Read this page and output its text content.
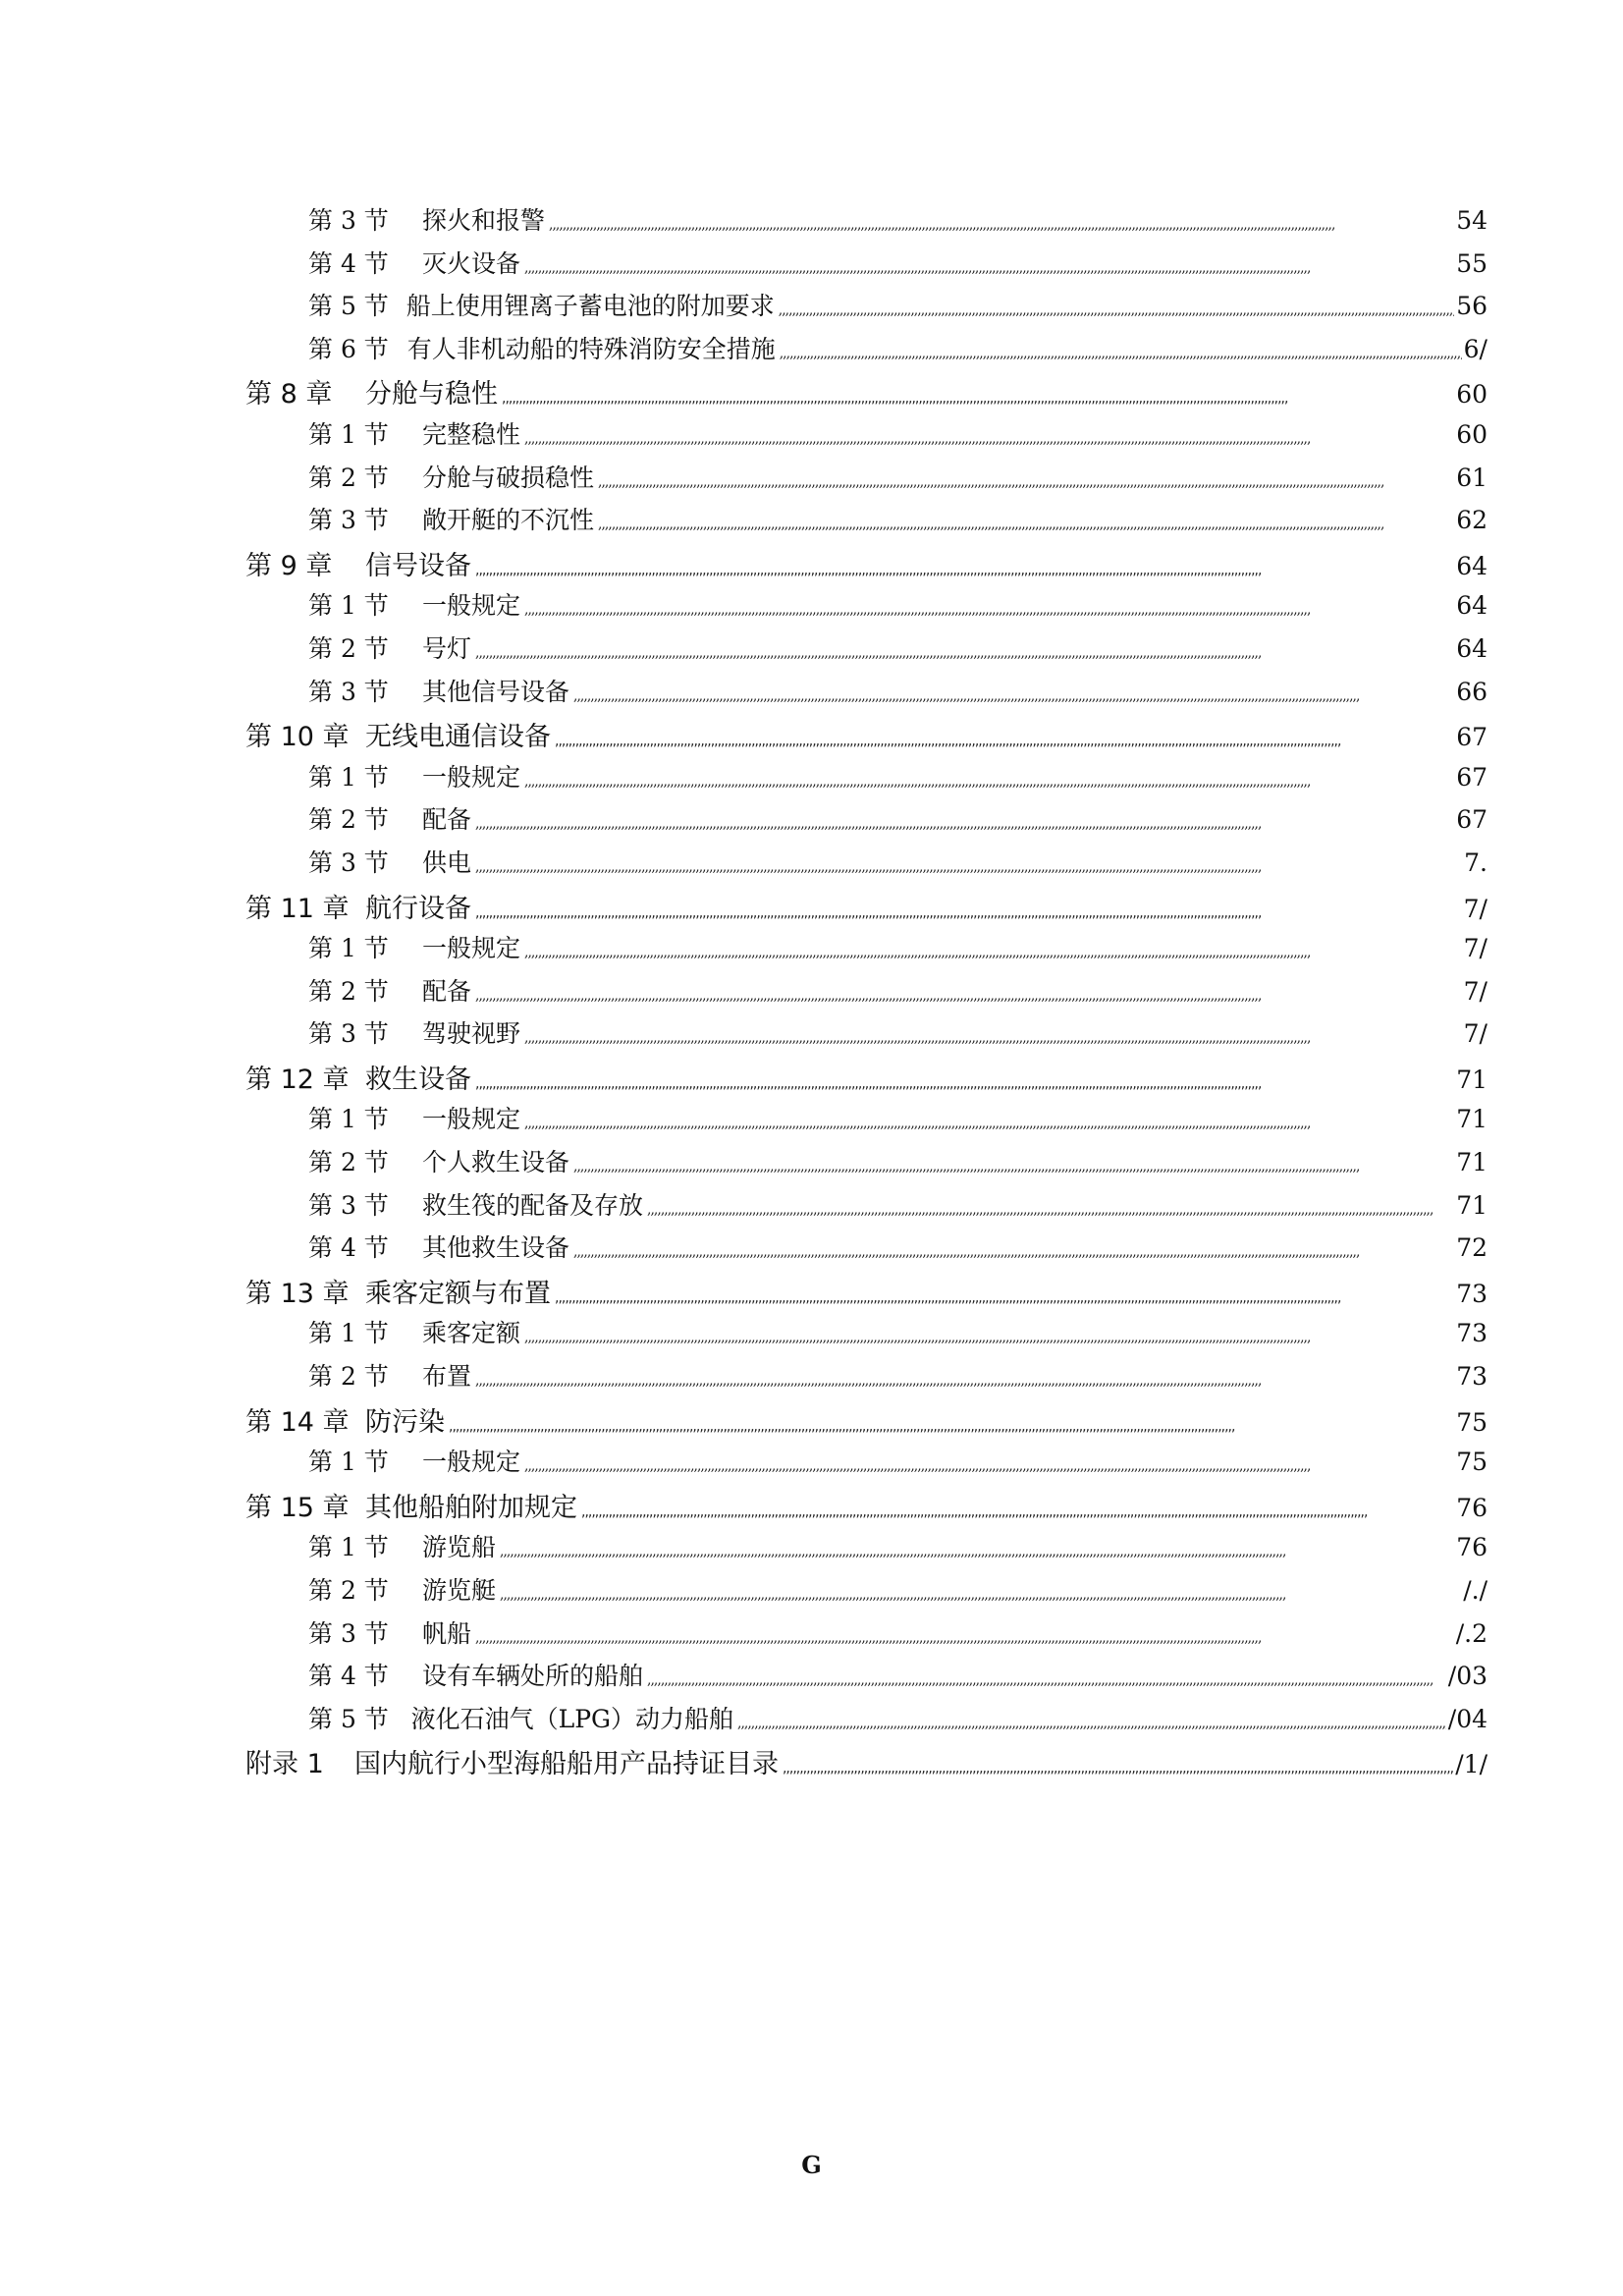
第 3 节	探火和报警 ,,,,,,,,,,,,,,,,,,,,,,,,,,,,,,,,,,,,,,,,,,,,,,,,,,,,,,,,,,,,,,,,,,,,,,,,,,,,,,,,,,,,,,,,,,,,,,,,,,,,,,,,,,,,,,,,,,,,,,,,,,,,,,,,,,,,,,,,,,,,,,,,,,,,,,,,,,,,,,,,,,,,,,,,,,,,,,,,,,,,,,,,,,,,,,,,,,,,,,,,,,,,,,,,,,,,,,,,,,,,,,,,,,,,,,,,	54
第 4 节	灭火设备 ,,,,,,,,,,,,,,,,,,,,,,,,,,,,,,,,,,,,,,,,,,,,,,,,,,,,,,,,,,,,,,,,,,,,,,,,,,,,,,,,,,,,,,,,,,,,,,,,,,,,,,,,,,,,,,,,,,,,,,,,,,,,,,,,,,,,,,,,,,,,,,,,,,,,,,,,,,,,,,,,,,,,,,,,,,,,,,,,,,,,,,,,,,,,,,,,,,,,,,,,,,,,,,,,,,,,,,,,,,,,,,,,,,,,,,,,	55
第 5 节 船上使用锂离子蓄电池的附加要求 ,,,,,,,,,,,,,,,,,,,,,,,,,,,,,,,,,,,,,,,,,,,,,,,,,,,,,,,,,,,,,,,,,,,,,,,,,,,,,,,,,,,,,,,,,,,,,,,,,,,,,,,,,,,,,,,,,,,,,,,,,,,,,,,,,,,,,,,,,,,,,,,,,,,,,,,,,,,,,,,,,,,,,,,,,,,,,,,,,,,,,,,,,,,,,,,,,,,,,,,,,,,,,,,,,,,,,,,,,,,,,,,,,,,,,,,,	56
第 6 节 有人非机动船的特殊消防安全措施 ,,,,,,,,,,,,,,,,,,,,,,,,,,,,,,,,,,,,,,,,,,,,,,,,,,,,,,,,,,,,,,,,,,,,,,,,,,,,,,,,,,,,,,,,,,,,,,,,,,,,,,,,,,,,,,,,,,,,,,,,,,,,,,,,,,,,,,,,,,,,,,,,,,,,,,,,,,,,,,,,,,,,,,,,,,,,,,,,,,,,,,,,,,,,,,,,,,,,,,,,,,,,,,,,,,,,,,,,,,,,,,,,,,,,,,,,	6/
第 8 章	分舱与稳性 ,,,,,,,,,,,,,,,,,,,,,,,,,,,,,,,,,,,,,,,,,,,,,,,,,,,,,,,,,,,,,,,,,,,,,,,,,,,,,,,,,,,,,,,,,,,,,,,,,,,,,,,,,,,,,,,,,,,,,,,,,,,,,,,,,,,,,,,,,,,,,,,,,,,,,,,,,,,,,,,,,,,,,,,,,,,,,,,,,,,,,,,,,,,,,,,,,,,,,,,,,,,,,,,,,,,,,,,,,,,,,,,,,,,,,,,,	60
第 1 节	完整稳性 ,,,,,,,,,,,,,,,,,,,,,,,,,,,,,,,,,,,,,,,,,,,,,,,,,,,,,,,,,,,,,,,,,,,,,,,,,,,,,,,,,,,,,,,,,,,,,,,,,,,,,,,,,,,,,,,,,,,,,,,,,,,,,,,,,,,,,,,,,,,,,,,,,,,,,,,,,,,,,,,,,,,,,,,,,,,,,,,,,,,,,,,,,,,,,,,,,,,,,,,,,,,,,,,,,,,,,,,,,,,,,,,,,,,,,,,,	60
第 2 节	分舱与破损稳性 ,,,,,,,,,,,,,,,,,,,,,,,,,,,,,,,,,,,,,,,,,,,,,,,,,,,,,,,,,,,,,,,,,,,,,,,,,,,,,,,,,,,,,,,,,,,,,,,,,,,,,,,,,,,,,,,,,,,,,,,,,,,,,,,,,,,,,,,,,,,,,,,,,,,,,,,,,,,,,,,,,,,,,,,,,,,,,,,,,,,,,,,,,,,,,,,,,,,,,,,,,,,,,,,,,,,,,,,,,,,,,,,,,,,,,,,,	61
第 3 节	敞开艇的不沉性 ,,,,,,,,,,,,,,,,,,,,,,,,,,,,,,,,,,,,,,,,,,,,,,,,,,,,,,,,,,,,,,,,,,,,,,,,,,,,,,,,,,,,,,,,,,,,,,,,,,,,,,,,,,,,,,,,,,,,,,,,,,,,,,,,,,,,,,,,,,,,,,,,,,,,,,,,,,,,,,,,,,,,,,,,,,,,,,,,,,,,,,,,,,,,,,,,,,,,,,,,,,,,,,,,,,,,,,,,,,,,,,,,,,,,,,,,	62
第 9 章	信号设备 ,,,,,,,,,,,,,,,,,,,,,,,,,,,,,,,,,,,,,,,,,,,,,,,,,,,,,,,,,,,,,,,,,,,,,,,,,,,,,,,,,,,,,,,,,,,,,,,,,,,,,,,,,,,,,,,,,,,,,,,,,,,,,,,,,,,,,,,,,,,,,,,,,,,,,,,,,,,,,,,,,,,,,,,,,,,,,,,,,,,,,,,,,,,,,,,,,,,,,,,,,,,,,,,,,,,,,,,,,,,,,,,,,,,,,,,,	64
第 1 节	一般规定 ,,,,,,,,,,,,,,,,,,,,,,,,,,,,,,,,,,,,,,,,,,,,,,,,,,,,,,,,,,,,,,,,,,,,,,,,,,,,,,,,,,,,,,,,,,,,,,,,,,,,,,,,,,,,,,,,,,,,,,,,,,,,,,,,,,,,,,,,,,,,,,,,,,,,,,,,,,,,,,,,,,,,,,,,,,,,,,,,,,,,,,,,,,,,,,,,,,,,,,,,,,,,,,,,,,,,,,,,,,,,,,,,,,,,,,,,	64
第 2 节	号灯 ,,,,,,,,,,,,,,,,,,,,,,,,,,,,,,,,,,,,,,,,,,,,,,,,,,,,,,,,,,,,,,,,,,,,,,,,,,,,,,,,,,,,,,,,,,,,,,,,,,,,,,,,,,,,,,,,,,,,,,,,,,,,,,,,,,,,,,,,,,,,,,,,,,,,,,,,,,,,,,,,,,,,,,,,,,,,,,,,,,,,,,,,,,,,,,,,,,,,,,,,,,,,,,,,,,,,,,,,,,,,,,,,,,,,,,,,	64
第 3 节	其他信号设备 ,,,,,,,,,,,,,,,,,,,,,,,,,,,,,,,,,,,,,,,,,,,,,,,,,,,,,,,,,,,,,,,,,,,,,,,,,,,,,,,,,,,,,,,,,,,,,,,,,,,,,,,,,,,,,,,,,,,,,,,,,,,,,,,,,,,,,,,,,,,,,,,,,,,,,,,,,,,,,,,,,,,,,,,,,,,,,,,,,,,,,,,,,,,,,,,,,,,,,,,,,,,,,,,,,,,,,,,,,,,,,,,,,,,,,,,,	66
第 10 章 无线电通信设备 ,,,,,,,,,,,,,,,,,,,,,,,,,,,,,,,,,,,,,,,,,,,,,,,,,,,,,,,,,,,,,,,,,,,,,,,,,,,,,,,,,,,,,,,,,,,,,,,,,,,,,,,,,,,,,,,,,,,,,,,,,,,,,,,,,,,,,,,,,,,,,,,,,,,,,,,,,,,,,,,,,,,,,,,,,,,,,,,,,,,,,,,,,,,,,,,,,,,,,,,,,,,,,,,,,,,,,,,,,,,,,,,,,,,,,,,,	67
第 1 节	一般规定 ,,,,,,,,,,,,,,,,,,,,,,,,,,,,,,,,,,,,,,,,,,,,,,,,,,,,,,,,,,,,,,,,,,,,,,,,,,,,,,,,,,,,,,,,,,,,,,,,,,,,,,,,,,,,,,,,,,,,,,,,,,,,,,,,,,,,,,,,,,,,,,,,,,,,,,,,,,,,,,,,,,,,,,,,,,,,,,,,,,,,,,,,,,,,,,,,,,,,,,,,,,,,,,,,,,,,,,,,,,,,,,,,,,,,,,,,	67
第 2 节	配备 ,,,,,,,,,,,,,,,,,,,,,,,,,,,,,,,,,,,,,,,,,,,,,,,,,,,,,,,,,,,,,,,,,,,,,,,,,,,,,,,,,,,,,,,,,,,,,,,,,,,,,,,,,,,,,,,,,,,,,,,,,,,,,,,,,,,,,,,,,,,,,,,,,,,,,,,,,,,,,,,,,,,,,,,,,,,,,,,,,,,,,,,,,,,,,,,,,,,,,,,,,,,,,,,,,,,,,,,,,,,,,,,,,,,,,,,,	67
第 3 节	供电 ,,,,,,,,,,,,,,,,,,,,,,,,,,,,,,,,,,,,,,,,,,,,,,,,,,,,,,,,,,,,,,,,,,,,,,,,,,,,,,,,,,,,,,,,,,,,,,,,,,,,,,,,,,,,,,,,,,,,,,,,,,,,,,,,,,,,,,,,,,,,,,,,,,,,,,,,,,,,,,,,,,,,,,,,,,,,,,,,,,,,,,,,,,,,,,,,,,,,,,,,,,,,,,,,,,,,,,,,,,,,,,,,,,,,,,,,	7.
第 11 章 航行设备 ,,,,,,,,,,,,,,,,,,,,,,,,,,,,,,,,,,,,,,,,,,,,,,,,,,,,,,,,,,,,,,,,,,,,,,,,,,,,,,,,,,,,,,,,,,,,,,,,,,,,,,,,,,,,,,,,,,,,,,,,,,,,,,,,,,,,,,,,,,,,,,,,,,,,,,,,,,,,,,,,,,,,,,,,,,,,,,,,,,,,,,,,,,,,,,,,,,,,,,,,,,,,,,,,,,,,,,,,,,,,,,,,,,,,,,,,	7/
第 1 节	一般规定 ,,,,,,,,,,,,,,,,,,,,,,,,,,,,,,,,,,,,,,,,,,,,,,,,,,,,,,,,,,,,,,,,,,,,,,,,,,,,,,,,,,,,,,,,,,,,,,,,,,,,,,,,,,,,,,,,,,,,,,,,,,,,,,,,,,,,,,,,,,,,,,,,,,,,,,,,,,,,,,,,,,,,,,,,,,,,,,,,,,,,,,,,,,,,,,,,,,,,,,,,,,,,,,,,,,,,,,,,,,,,,,,,,,,,,,,,	7/
第 2 节	配备 ,,,,,,,,,,,,,,,,,,,,,,,,,,,,,,,,,,,,,,,,,,,,,,,,,,,,,,,,,,,,,,,,,,,,,,,,,,,,,,,,,,,,,,,,,,,,,,,,,,,,,,,,,,,,,,,,,,,,,,,,,,,,,,,,,,,,,,,,,,,,,,,,,,,,,,,,,,,,,,,,,,,,,,,,,,,,,,,,,,,,,,,,,,,,,,,,,,,,,,,,,,,,,,,,,,,,,,,,,,,,,,,,,,,,,,,,	7/
第 3 节	驾驶视野 ,,,,,,,,,,,,,,,,,,,,,,,,,,,,,,,,,,,,,,,,,,,,,,,,,,,,,,,,,,,,,,,,,,,,,,,,,,,,,,,,,,,,,,,,,,,,,,,,,,,,,,,,,,,,,,,,,,,,,,,,,,,,,,,,,,,,,,,,,,,,,,,,,,,,,,,,,,,,,,,,,,,,,,,,,,,,,,,,,,,,,,,,,,,,,,,,,,,,,,,,,,,,,,,,,,,,,,,,,,,,,,,,,,,,,,,,	7/
第 12 章 救生设备 ,,,,,,,,,,,,,,,,,,,,,,,,,,,,,,,,,,,,,,,,,,,,,,,,,,,,,,,,,,,,,,,,,,,,,,,,,,,,,,,,,,,,,,,,,,,,,,,,,,,,,,,,,,,,,,,,,,,,,,,,,,,,,,,,,,,,,,,,,,,,,,,,,,,,,,,,,,,,,,,,,,,,,,,,,,,,,,,,,,,,,,,,,,,,,,,,,,,,,,,,,,,,,,,,,,,,,,,,,,,,,,,,,,,,,,,,	71
第 1 节	一般规定 ,,,,,,,,,,,,,,,,,,,,,,,,,,,,,,,,,,,,,,,,,,,,,,,,,,,,,,,,,,,,,,,,,,,,,,,,,,,,,,,,,,,,,,,,,,,,,,,,,,,,,,,,,,,,,,,,,,,,,,,,,,,,,,,,,,,,,,,,,,,,,,,,,,,,,,,,,,,,,,,,,,,,,,,,,,,,,,,,,,,,,,,,,,,,,,,,,,,,,,,,,,,,,,,,,,,,,,,,,,,,,,,,,,,,,,,,	71
第 2 节	个人救生设备 ,,,,,,,,,,,,,,,,,,,,,,,,,,,,,,,,,,,,,,,,,,,,,,,,,,,,,,,,,,,,,,,,,,,,,,,,,,,,,,,,,,,,,,,,,,,,,,,,,,,,,,,,,,,,,,,,,,,,,,,,,,,,,,,,,,,,,,,,,,,,,,,,,,,,,,,,,,,,,,,,,,,,,,,,,,,,,,,,,,,,,,,,,,,,,,,,,,,,,,,,,,,,,,,,,,,,,,,,,,,,,,,,,,,,,,,,	71
第 3 节	救生筏的配备及存放 ,,,,,,,,,,,,,,,,,,,,,,,,,,,,,,,,,,,,,,,,,,,,,,,,,,,,,,,,,,,,,,,,,,,,,,,,,,,,,,,,,,,,,,,,,,,,,,,,,,,,,,,,,,,,,,,,,,,,,,,,,,,,,,,,,,,,,,,,,,,,,,,,,,,,,,,,,,,,,,,,,,,,,,,,,,,,,,,,,,,,,,,,,,,,,,,,,,,,,,,,,,,,,,,,,,,,,,,,,,,,,,,,,,,,,,,,	71
第 4 节	其他救生设备 ,,,,,,,,,,,,,,,,,,,,,,,,,,,,,,,,,,,,,,,,,,,,,,,,,,,,,,,,,,,,,,,,,,,,,,,,,,,,,,,,,,,,,,,,,,,,,,,,,,,,,,,,,,,,,,,,,,,,,,,,,,,,,,,,,,,,,,,,,,,,,,,,,,,,,,,,,,,,,,,,,,,,,,,,,,,,,,,,,,,,,,,,,,,,,,,,,,,,,,,,,,,,,,,,,,,,,,,,,,,,,,,,,,,,,,,,	72
第 13 章 乘客定额与布置 ,,,,,,,,,,,,,,,,,,,,,,,,,,,,,,,,,,,,,,,,,,,,,,,,,,,,,,,,,,,,,,,,,,,,,,,,,,,,,,,,,,,,,,,,,,,,,,,,,,,,,,,,,,,,,,,,,,,,,,,,,,,,,,,,,,,,,,,,,,,,,,,,,,,,,,,,,,,,,,,,,,,,,,,,,,,,,,,,,,,,,,,,,,,,,,,,,,,,,,,,,,,,,,,,,,,,,,,,,,,,,,,,,,,,,,,,	73
第 1 节	乘客定额 ,,,,,,,,,,,,,,,,,,,,,,,,,,,,,,,,,,,,,,,,,,,,,,,,,,,,,,,,,,,,,,,,,,,,,,,,,,,,,,,,,,,,,,,,,,,,,,,,,,,,,,,,,,,,,,,,,,,,,,,,,,,,,,,,,,,,,,,,,,,,,,,,,,,,,,,,,,,,,,,,,,,,,,,,,,,,,,,,,,,,,,,,,,,,,,,,,,,,,,,,,,,,,,,,,,,,,,,,,,,,,,,,,,,,,,,,	73
第 2 节	布置 ,,,,,,,,,,,,,,,,,,,,,,,,,,,,,,,,,,,,,,,,,,,,,,,,,,,,,,,,,,,,,,,,,,,,,,,,,,,,,,,,,,,,,,,,,,,,,,,,,,,,,,,,,,,,,,,,,,,,,,,,,,,,,,,,,,,,,,,,,,,,,,,,,,,,,,,,,,,,,,,,,,,,,,,,,,,,,,,,,,,,,,,,,,,,,,,,,,,,,,,,,,,,,,,,,,,,,,,,,,,,,,,,,,,,,,,,	73
第 14 章 防污染 ,,,,,,,,,,,,,,,,,,,,,,,,,,,,,,,,,,,,,,,,,,,,,,,,,,,,,,,,,,,,,,,,,,,,,,,,,,,,,,,,,,,,,,,,,,,,,,,,,,,,,,,,,,,,,,,,,,,,,,,,,,,,,,,,,,,,,,,,,,,,,,,,,,,,,,,,,,,,,,,,,,,,,,,,,,,,,,,,,,,,,,,,,,,,,,,,,,,,,,,,,,,,,,,,,,,,,,,,,,,,,,,,,,,,,,,,	75
第 1 节	一般规定 ,,,,,,,,,,,,,,,,,,,,,,,,,,,,,,,,,,,,,,,,,,,,,,,,,,,,,,,,,,,,,,,,,,,,,,,,,,,,,,,,,,,,,,,,,,,,,,,,,,,,,,,,,,,,,,,,,,,,,,,,,,,,,,,,,,,,,,,,,,,,,,,,,,,,,,,,,,,,,,,,,,,,,,,,,,,,,,,,,,,,,,,,,,,,,,,,,,,,,,,,,,,,,,,,,,,,,,,,,,,,,,,,,,,,,,,,	75
第 15 章 其他船舶附加规定 ,,,,,,,,,,,,,,,,,,,,,,,,,,,,,,,,,,,,,,,,,,,,,,,,,,,,,,,,,,,,,,,,,,,,,,,,,,,,,,,,,,,,,,,,,,,,,,,,,,,,,,,,,,,,,,,,,,,,,,,,,,,,,,,,,,,,,,,,,,,,,,,,,,,,,,,,,,,,,,,,,,,,,,,,,,,,,,,,,,,,,,,,,,,,,,,,,,,,,,,,,,,,,,,,,,,,,,,,,,,,,,,,,,,,,,,,	76
第 1 节	游览船 ,,,,,,,,,,,,,,,,,,,,,,,,,,,,,,,,,,,,,,,,,,,,,,,,,,,,,,,,,,,,,,,,,,,,,,,,,,,,,,,,,,,,,,,,,,,,,,,,,,,,,,,,,,,,,,,,,,,,,,,,,,,,,,,,,,,,,,,,,,,,,,,,,,,,,,,,,,,,,,,,,,,,,,,,,,,,,,,,,,,,,,,,,,,,,,,,,,,,,,,,,,,,,,,,,,,,,,,,,,,,,,,,,,,,,,,,	76
第 2 节	游览艇 ,,,,,,,,,,,,,,,,,,,,,,,,,,,,,,,,,,,,,,,,,,,,,,,,,,,,,,,,,,,,,,,,,,,,,,,,,,,,,,,,,,,,,,,,,,,,,,,,,,,,,,,,,,,,,,,,,,,,,,,,,,,,,,,,,,,,,,,,,,,,,,,,,,,,,,,,,,,,,,,,,,,,,,,,,,,,,,,,,,,,,,,,,,,,,,,,,,,,,,,,,,,,,,,,,,,,,,,,,,,,,,,,,,,,,,,,	/./
第 3 节	帆船 ,,,,,,,,,,,,,,,,,,,,,,,,,,,,,,,,,,,,,,,,,,,,,,,,,,,,,,,,,,,,,,,,,,,,,,,,,,,,,,,,,,,,,,,,,,,,,,,,,,,,,,,,,,,,,,,,,,,,,,,,,,,,,,,,,,,,,,,,,,,,,,,,,,,,,,,,,,,,,,,,,,,,,,,,,,,,,,,,,,,,,,,,,,,,,,,,,,,,,,,,,,,,,,,,,,,,,,,,,,,,,,,,,,,,,,,,	/.2
第 4 节	设有车辆处所的船舶 ,,,,,,,,,,,,,,,,,,,,,,,,,,,,,,,,,,,,,,,,,,,,,,,,,,,,,,,,,,,,,,,,,,,,,,,,,,,,,,,,,,,,,,,,,,,,,,,,,,,,,,,,,,,,,,,,,,,,,,,,,,,,,,,,,,,,,,,,,,,,,,,,,,,,,,,,,,,,,,,,,,,,,,,,,,,,,,,,,,,,,,,,,,,,,,,,,,,,,,,,,,,,,,,,,,,,,,,,,,,,,,,,,,,,,,,,	/03
第 5 节 液化石油气（LPG）动力船舶 ,,,,,,,,,,,,,,,,,,,,,,,,,,,,,,,,,,,,,,,,,,,,,,,,,,,,,,,,,,,,,,,,,,,,,,,,,,,,,,,,,,,,,,,,,,,,,,,,,,,,,,,,,,,,,,,,,,,,,,,,,,,,,,,,,,,,,,,,,,,,,,,,,,,,,,,,,,,,,,,,,,,,,,,,,,,,,,,,,,,,,,,,,,,,,,,,,,,,,,,,,,,,,,,,,,,,,,,,,,,,,,,,,,,,,,,,	/04
附录 1	国内航行小型海船船用产品持证目录 ,,,,,,,,,,,,,,,,,,,,,,,,,,,,,,,,,,,,,,,,,,,,,,,,,,,,,,,,,,,,,,,,,,,,,,,,,,,,,,,,,,,,,,,,,,,,,,,,,,,,,,,,,,,,,,,,,,,,,,,,,,,,,,,,,,,,,,,,,,,,,,,,,,,,,,,,,,,,,,,,,,,,,,,,,,,,,,,,,,,,,,,,,,,,,,,,,,,,,,,,,,,,,,,,,,,,,,,,,,,,,,,,,,,,,,,,	/1/
G
